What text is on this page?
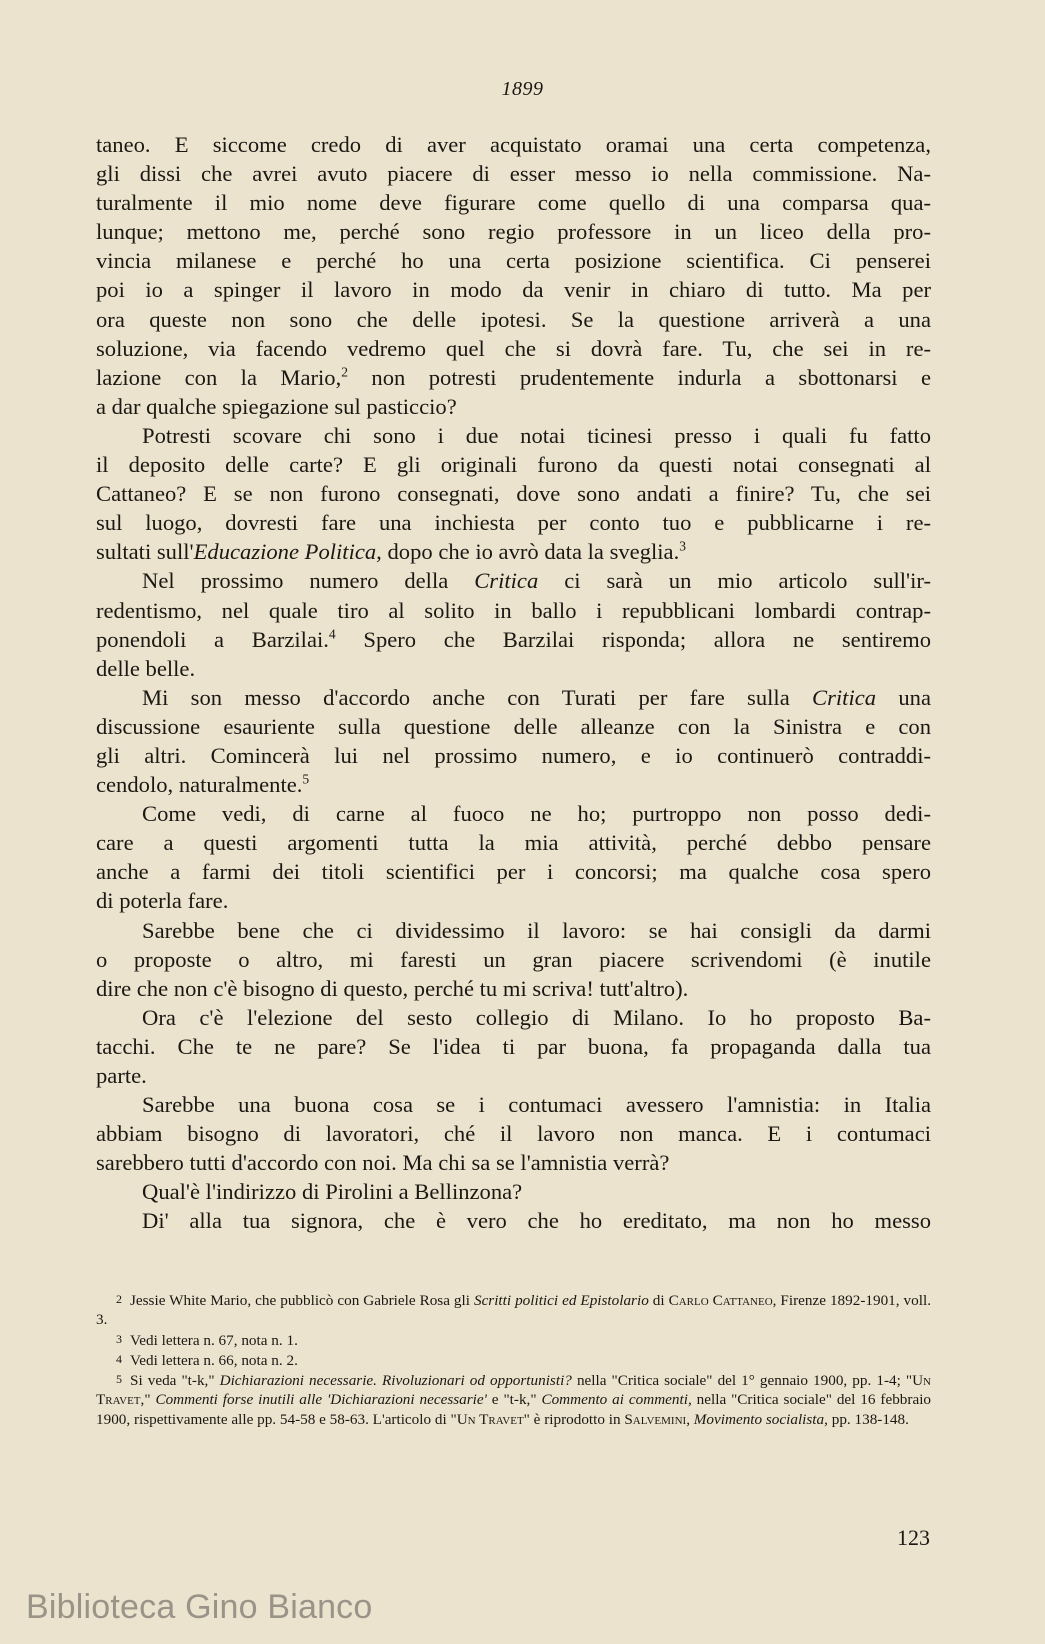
1899

taneo. E siccome credo di aver acquistato oramai una certa competenza,
gli dissi che avrei avuto piacere di esser messo io nella commissione. Na-
turalmente il mio nome deve figurare come quello di una comparsa qua-
lunque; mettono me, perché sono regio professore in un liceo della pro-
vincia milanese e perché ho una certa posizione scientifica. Ci penserei
poi io a spinger il lavoro in modo da venir in chiaro di tutto. Ma per
ora queste non sono che delle ipotesi. Se la questione arriverà a una
soluzione, via facendo vedremo quel che si dovrà fare. Tu, che sei in re-
lazione con la Mario,$^2$ non potresti prudentemente indurla a sbottonarsi e
a dar qualche spiegazione sul pasticcio?

Potresti scovare chi sono i due notai ticinesi presso i quali fu fatto
il deposito delle carte? E gli originali furono da questi notai consegnati al
Cattaneo? E se non furono consegnati, dove sono andati a finire? Tu, che sei
sul luogo, dovresti fare una inchiesta per conto tuo e pubblicarne i re-
sultati sull'Educazione Politica, dopo che io avrò data la sveglia.$^3$

Nel prossimo numero della Critica ci sarà un mio articolo sull'ir-
redentismo, nel quale tiro al solito in ballo i repubblicani lombardi contrap-
ponendoli a Barzilai.$^4$ Spero che Barzilai risponda; allora ne sentiremo
delle belle.

Mi son messo d'accordo anche con Turati per fare sulla Critica una
discussione esauriente sulla questione delle alleanze con la Sinistra e con
gli altri. Comincerà lui nel prossimo numero, e io continuerò contraddi-
cendolo, naturalmente.$^5$

Come vedi, di carne al fuoco ne ho; purtroppo non posso dedi-
care a questi argomenti tutta la mia attività, perché debbo pensare
anche a farmi dei titoli scientifici per i concorsi; ma qualche cosa spero
di poterla fare.

Sarebbe bene che ci dividessimo il lavoro: se hai consigli da darmi
o proposte o altro, mi faresti un gran piacere scrivendomi (è inutile
dire che non c'è bisogno di questo, perché tu mi scriva! tutt'altro).

Ora c'è l'elezione del sesto collegio di Milano. Io ho proposto Ba-
tacchi. Che te ne pare? Se l'idea ti par buona, fa propaganda dalla tua
parte.

Sarebbe una buona cosa se i contumaci avessero l'amnistia: in Italia
abbiam bisogno di lavoratori, ché il lavoro non manca. E i contumaci
sarebbero tutti d'accordo con noi. Ma chi sa se l'amnistia verrà?

Qual'è l'indirizzo di Pirolini a Bellinzona?

Di' alla tua signora, che è vero che ho ereditato, ma non ho messo

2 Jessie White Mario, che pubblicò con Gabriele Rosa gli Scritti politici ed Epistolario di Carlo Cattaneo, Firenze 1892-1901, voll. 3.
3 Vedi lettera n. 67, nota n. 1.
4 Vedi lettera n. 66, nota n. 2.
5 Si veda "t-k," Dichiarazioni necessarie. Rivoluzionari od opportunisti? nella "Critica sociale" del 1° gennaio 1900, pp. 1-4; "Un Travet," Commenti forse inutili alle 'Dichiarazioni necessarie' e "t-k," Commento ai commenti, nella "Critica sociale" del 16 febbraio 1900, rispettivamente alle pp. 54-58 e 58-63. L'articolo di "Un Travet" è riprodotto in Salvemini, Movimento socialista, pp. 138-148.
123
Biblioteca Gino Bianco
